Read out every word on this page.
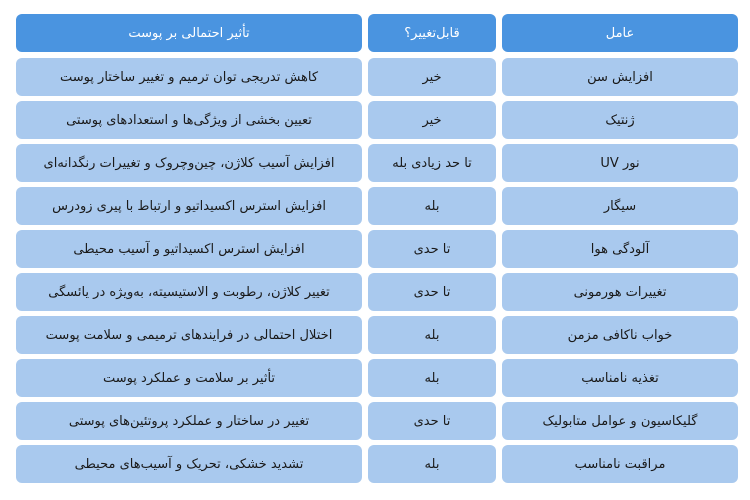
عامل
قابل‌تغییر؟
تأثیر احتمالی بر پوست
افزایش سن
خیر
کاهش تدریجی توان ترمیم و تغییر ساختار پوست
ژنتیک
خیر
تعیین بخشی از ویژگی‌ها و استعدادهای پوستی
نور UV
تا حد زیادی بله
افزایش آسیب کلاژن، چین‌وچروک و تغییرات رنگدانه‌ای
سیگار
بله
افزایش استرس اکسیداتیو و ارتباط با پیری زودرس
آلودگی هوا
تا حدی
افزایش استرس اکسیداتیو و آسیب محیطی
تغییرات هورمونی
تا حدی
تغییر کلاژن، رطوبت و الاستیسیته، به‌ویژه در یائسگی
خواب ناکافی مزمن
بله
اختلال احتمالی در فرایندهای ترمیمی و سلامت پوست
تغذیه نامناسب
بله
تأثیر بر سلامت و عملکرد پوست
گلیکاسیون و عوامل متابولیک
تا حدی
تغییر در ساختار و عملکرد پروتئین‌های پوستی
مراقبت نامناسب
بله
تشدید خشکی، تحریک و آسیب‌های محیطی
